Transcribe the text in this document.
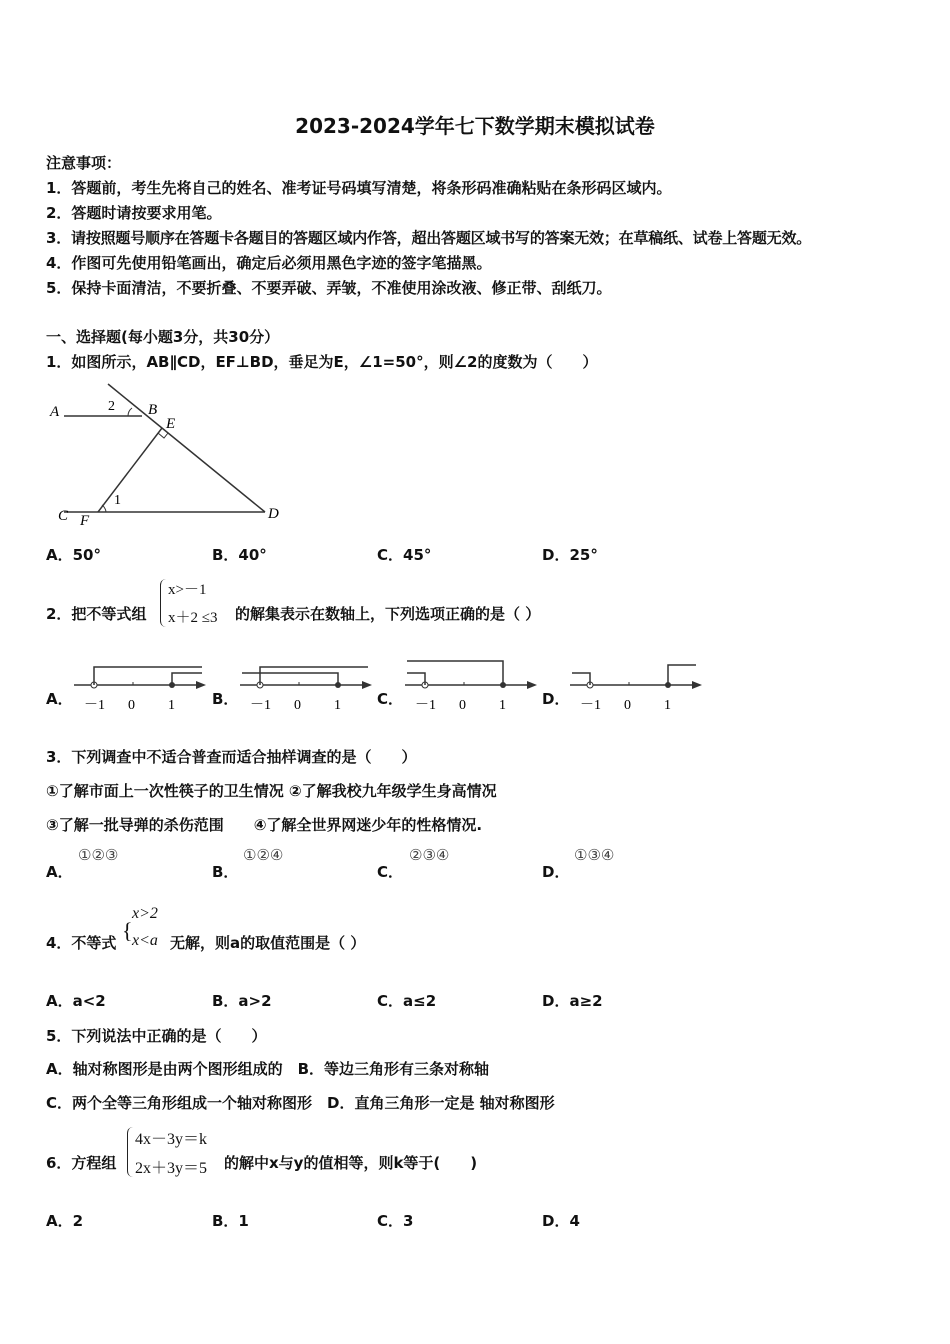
2023-2024学年七下数学期末模拟试卷
注意事项：
1．答题前，考生先将自己的姓名、准考证号码填写清楚，将条形码准确粘贴在条形码区域内。
2．答题时请按要求用笔。
3．请按照题号顺序在答题卡各题目的答题区域内作答，超出答题区域书写的答案无效；在草稿纸、试卷上答题无效。
4．作图可先使用铅笔画出，确定后必须用黑色字迹的签字笔描黑。
5．保持卡面清洁，不要折叠、不要弄破、弄皱，不准使用涂改液、修正带、刮纸刀。
一、选择题(每小题3分，共30分）
1．如图所示，AB∥CD，EF⊥BD，垂足为E，∠1=50°，则∠2的度数为（　　）
A	B
E
C F	D
1
2
A．50°	B．40°	C．45°	D．25°
2．把不等式组
x>－1
x＋2 ≤3 的解集表示在数轴上，下列选项正确的是（ ）
A． －1 0 1 B． －1 0 1 C． －1 0 1 D． －1 0 1
3．下列调查中不适合普查而适合抽样调查的是（　　）
①了解市面上一次性筷子的卫生情况 ②了解我校九年级学生身高情况
③了解一批导弹的杀伤范围　　④了解全世界网迷少年的性格情况.
A．
①②③
B．
①②④
C．
②③④
D．
①③④
4．不等式 {
x>2
x<a 无解，则a的取值范围是（ ）
A．a<2	B．a>2	C．a≤2	D．a≥2
5．下列说法中正确的是（　　）
A．轴对称图形是由两个图形组成的　B．等边三角形有三条对称轴
C．两个全等三角形组成一个轴对称图形　D．直角三角形一定是 轴对称图形
6．方程组
4x－3y＝k
2x＋3y＝5 的解中x与y的值相等，则k等于(　　)
A．2	B．1	C．3	D．4
